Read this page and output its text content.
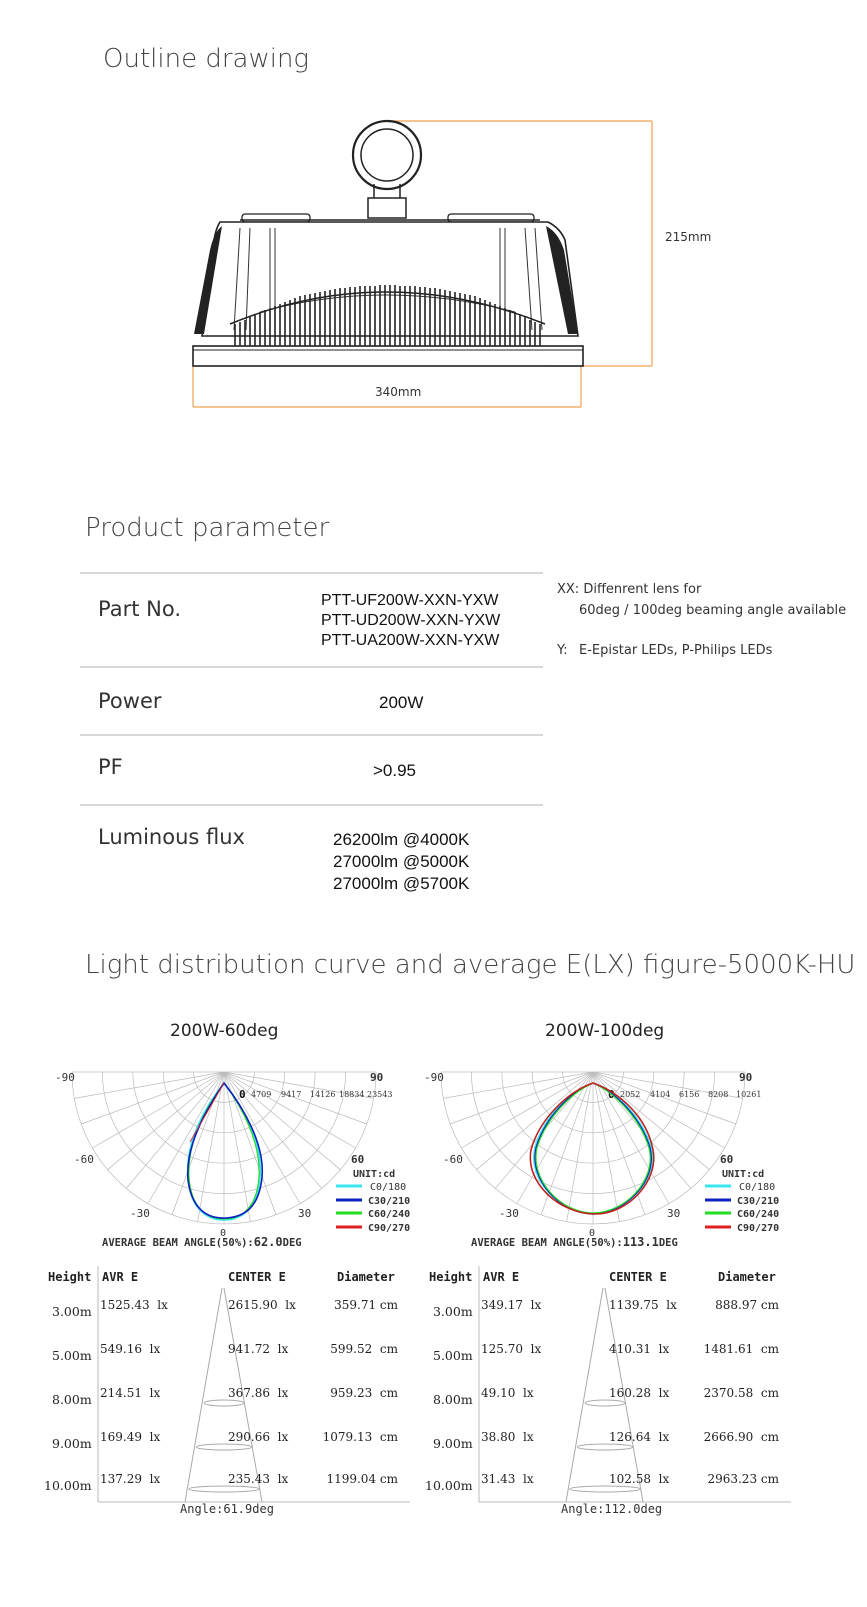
Outline drawing
215mm
340mm
Product parameter
Part No.	PTT-UF200W-XXN-YXW
PTT-UD200W-XXN-YXW
PTT-UA200W-XXN-YXW

Power	200W

PF	>0.95

Luminous flux	26200lm @4000K
27000lm @5000K
27000lm @5700K
XX: Diffenrent lens for
60deg / 100deg beaming angle available
Y: E-Epistar LEDs, P-Philips LEDs
Light distribution curve and average E(LX) figure-5000K-HU
200W-60deg	200W-100deg
-90	90
-60	60
-30	30
0
0 4709 9417 14126 18834 23543
UNIT:cd
C0/180
C30/210
C60/240
C90/270
AVERAGE BEAM ANGLE(50%):62.0DEG
-90	90
-60	60
-30	30
0
0 2052 4104 6156 8208 10261
UNIT:cd
C0/180
C30/210
C60/240
C90/270
AVERAGE BEAM ANGLE(50%):113.1DEG
Height AVR E	CENTER E	Diameter
3.00m 1525.43 lx	2615.90 lx	359.71 cm
5.00m 549.16 lx	941.72 lx	599.52 cm
8.00m 214.51 lx	367.86 lx	959.23 cm
9.00m 169.49 lx	290.66 lx	1079.13 cm
10.00m 137.29 lx	235.43 lx	1199.04 cm
Angle:61.9deg
Height AVR E	CENTER E	Diameter
3.00m 349.17 lx	1139.75 lx	888.97 cm
5.00m 125.70 lx	410.31 lx	1481.61 cm
8.00m 49.10 lx	160.28 lx	2370.58 cm
9.00m 38.80 lx	126.64 lx	2666.90 cm
10.00m 31.43 lx	102.58 lx	2963.23 cm
Angle:112.0deg
